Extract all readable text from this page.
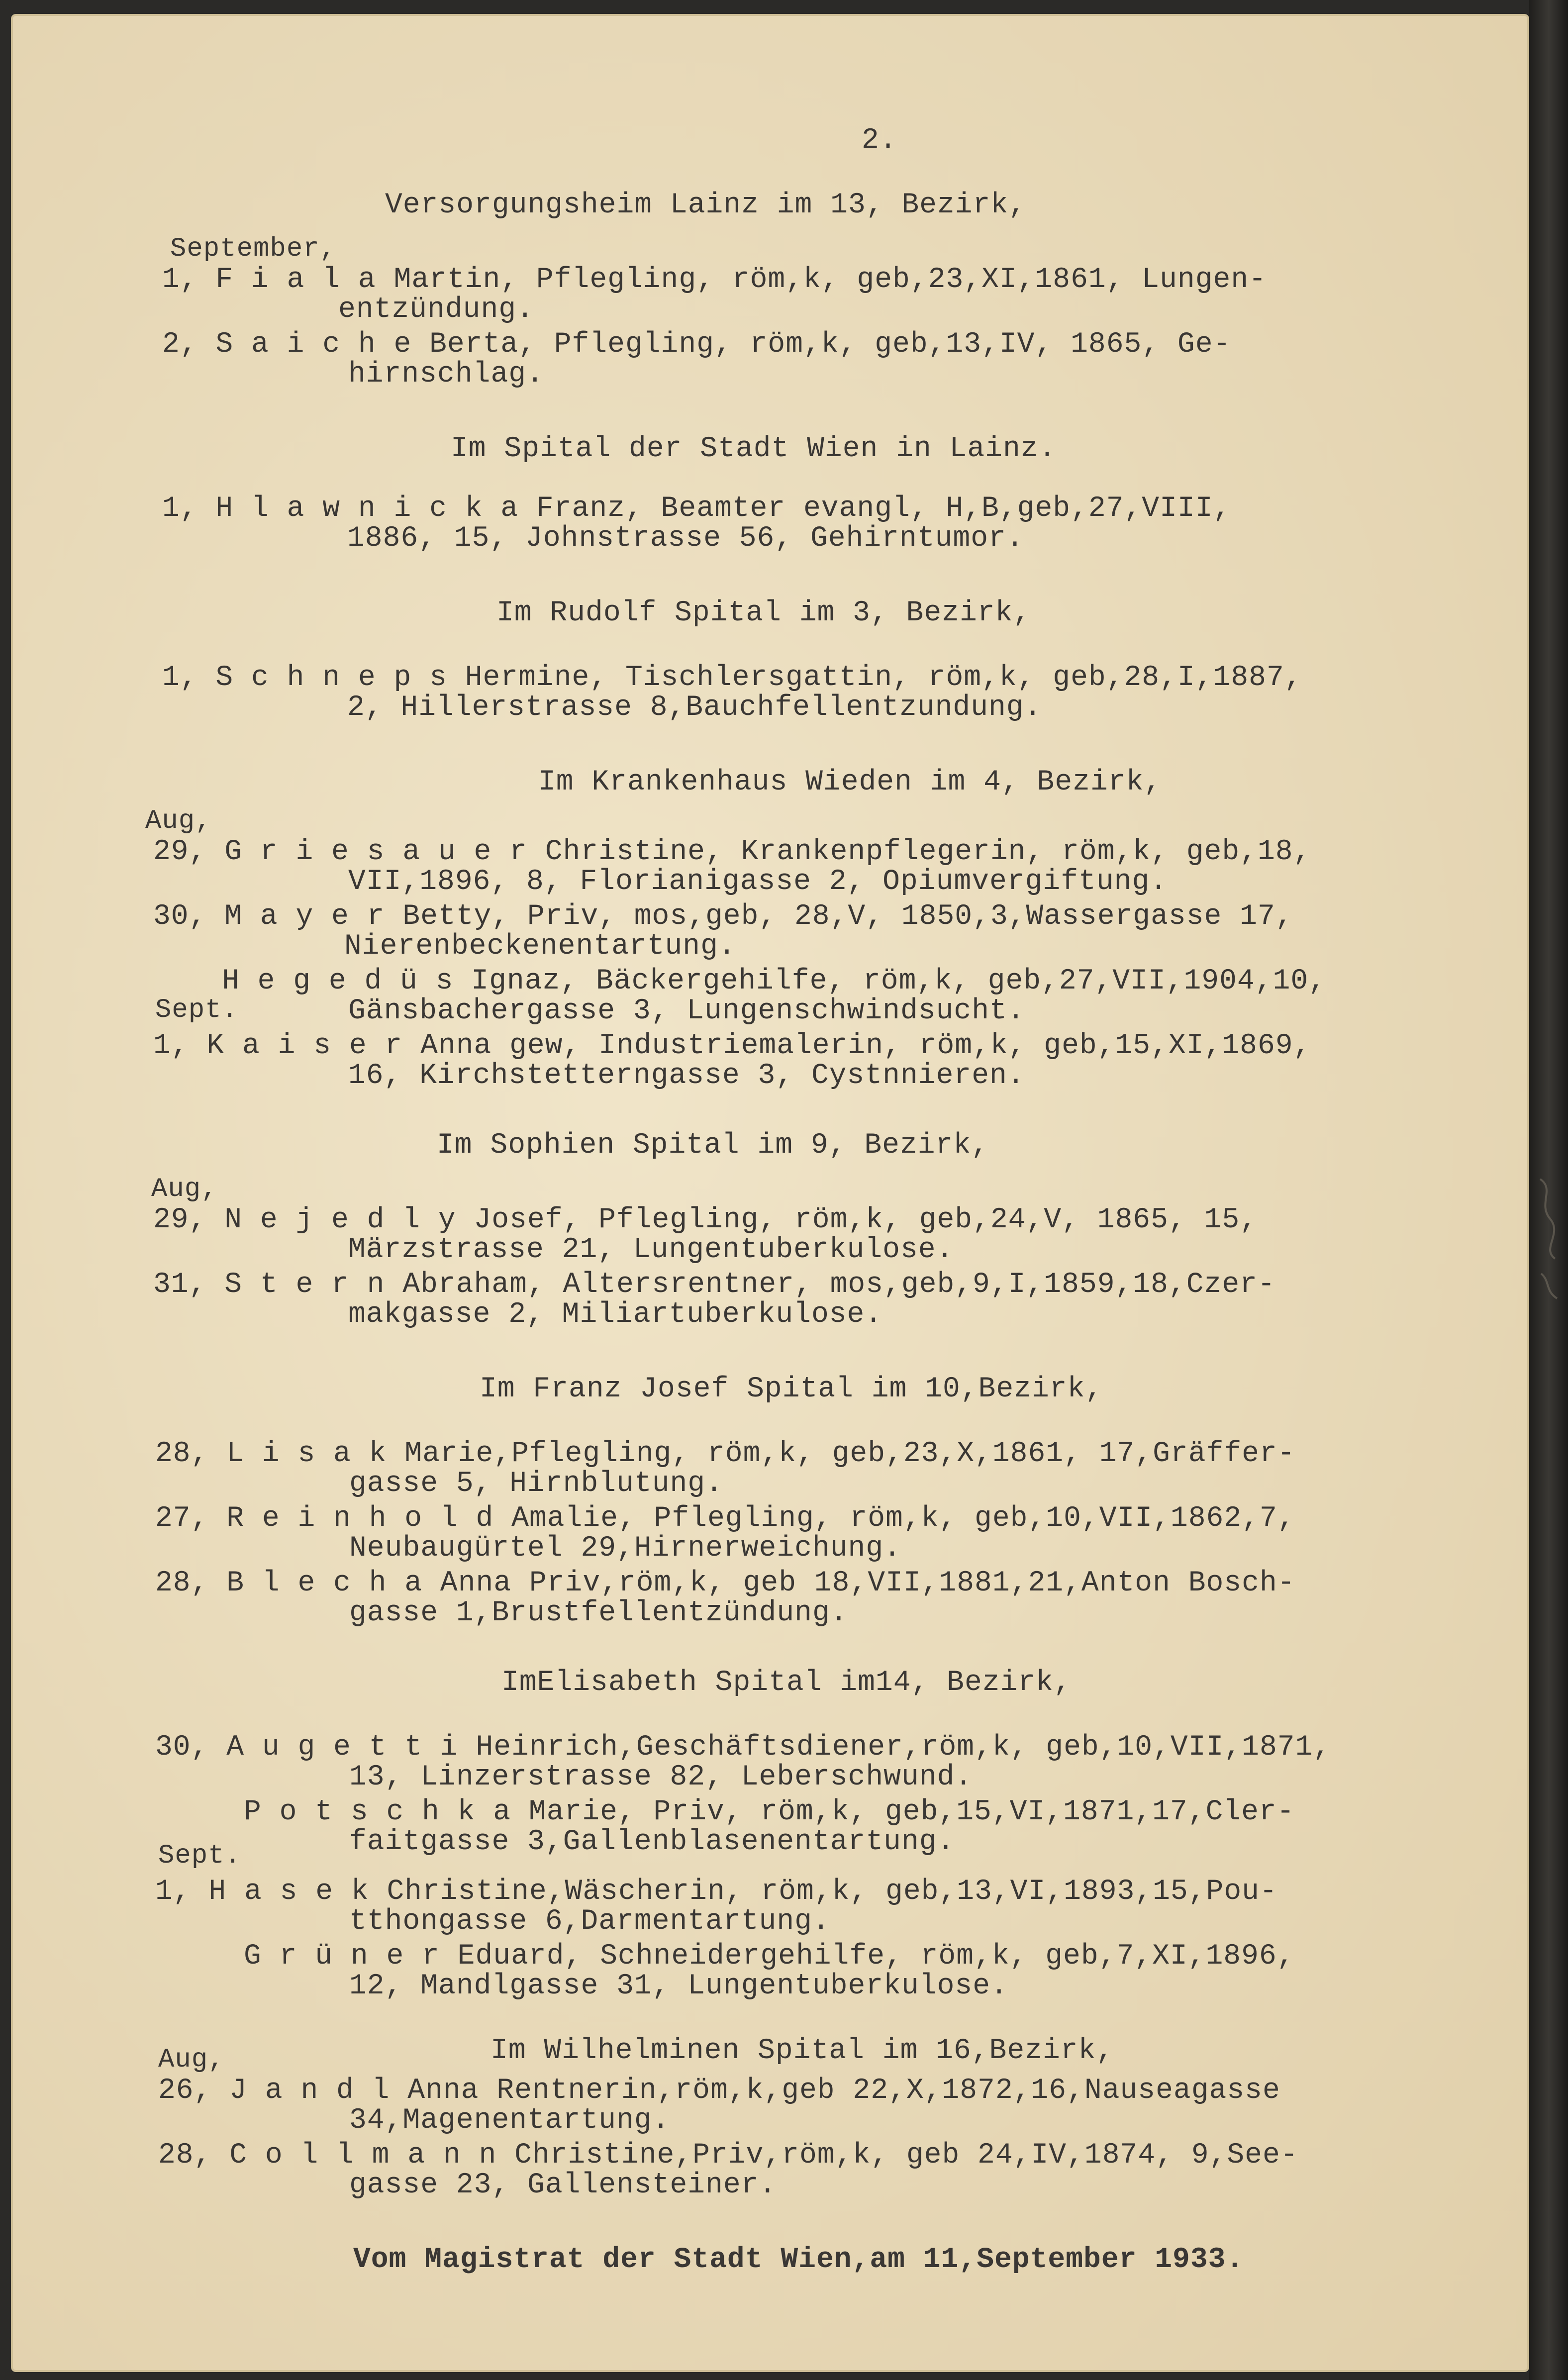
2.
Versorgungsheim Lainz im 13, Bezirk,
September,
1, F i a l a Martin, Pflegling, röm,k, geb,23,XI,1861, Lungen-
entzündung.
2, S a i c h e Berta, Pflegling, röm,k, geb,13,IV, 1865, Ge-
hirnschlag.
Im Spital der Stadt Wien in Lainz.
1, H l a w n i c k a Franz, Beamter evangl, H,B,geb,27,VIII,
1886, 15, Johnstrasse 56, Gehirntumor.
Im Rudolf Spital im 3, Bezirk,
1, S c h n e p s Hermine, Tischlersgattin, röm,k, geb,28,I,1887,
2, Hillerstrasse 8,Bauchfellentzundung.
Im Krankenhaus Wieden im 4, Bezirk,
Aug,
29, G r i e s a u e r Christine, Krankenpflegerin, röm,k, geb,18,
VII,1896, 8, Florianigasse 2, Opiumvergiftung.
30, M a y e r Betty, Priv, mos,geb, 28,V, 1850,3,Wassergasse 17,
Nierenbeckenentartung.
H e g e d ü s Ignaz, Bäckergehilfe, röm,k, geb,27,VII,1904,10,
Sept.	Gänsbachergasse 3, Lungenschwindsucht.
1, K a i s e r Anna gew, Industriemalerin, röm,k, geb,15,XI,1869,
16, Kirchstetterngasse 3, Cystnnieren.
Im Sophien Spital im 9, Bezirk,
Aug,
29, N e j e d l y Josef, Pflegling, röm,k, geb,24,V, 1865, 15,
Märzstrasse 21, Lungentuberkulose.
31, S t e r n Abraham, Altersrentner, mos,geb,9,I,1859,18,Czer-
makgasse 2, Miliartuberkulose.
Im Franz Josef Spital im 10,Bezirk,
28, L i s a k Marie,Pflegling, röm,k, geb,23,X,1861, 17,Gräffer-
gasse 5, Hirnblutung.
27, R e i n h o l d Amalie, Pflegling, röm,k, geb,10,VII,1862,7,
Neubaugürtel 29,Hirnerweichung.
28, B l e c h a Anna Priv,röm,k, geb 18,VII,1881,21,Anton Bosch-
gasse 1,Brustfellentzündung.
ImElisabeth Spital im14, Bezirk,
30, A u g e t t i Heinrich,Geschäftsdiener,röm,k, geb,10,VII,1871,
13, Linzerstrasse 82, Leberschwund.
P o t s c h k a Marie, Priv, röm,k, geb,15,VI,1871,17,Cler-
faitgasse 3,Gallenblasenentartung.
Sept.
1, H a s e k Christine,Wäscherin, röm,k, geb,13,VI,1893,15,Pou-
tthongasse 6,Darmentartung.
G r ü n e r Eduard, Schneidergehilfe, röm,k, geb,7,XI,1896,
12, Mandlgasse 31, Lungentuberkulose.
Im Wilhelminen Spital im 16,Bezirk,
Aug,
26, J a n d l Anna Rentnerin,röm,k,geb 22,X,1872,16,Nauseagasse
34,Magenentartung.
28, C o l l m a n n Christine,Priv,röm,k, geb 24,IV,1874, 9,See-
gasse 23, Gallensteiner.
Vom Magistrat der Stadt Wien,am 11,September 1933.
